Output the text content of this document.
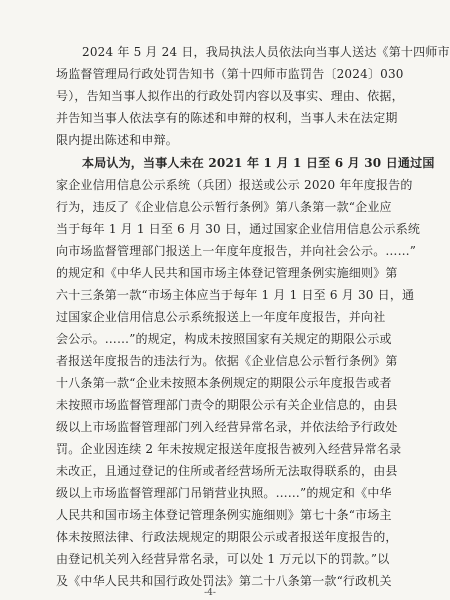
2024 年 5 月 24 日，我局执法人员依法向当事人送达《第十四师市
场监督管理局行政处罚告知书（第十四师市监罚告〔2024〕030
号），告知当事人拟作出的行政处罚内容以及事实、理由、依据，
并告知当事人依法享有的陈述和申辩的权利，当事人未在法定期
限内提出陈述和申辩。
本局认为，当事人未在 2021 年 1 月 1 日至 6 月 30 日通过国
家企业信用信息公示系统（兵团）报送或公示 2020 年年度报告的
行为，违反了《企业信息公示暂行条例》第八条第一款“企业应
当于每年 1 月 1 日至 6 月 30 日，通过国家企业信用信息公示系统
向市场监督管理部门报送上一年度年度报告，并向社会公示。……”
的规定和《中华人民共和国市场主体登记管理条例实施细则》第
六十三条第一款“市场主体应当于每年 1 月 1 日至 6 月 30 日，通
过国家企业信用信息公示系统报送上一年度年度报告，并向社
会公示。……”的规定，构成未按照国家有关规定的期限公示或
者报送年度报告的违法行为。依据《企业信息公示暂行条例》第
十八条第一款“企业未按照本条例规定的期限公示年度报告或者
未按照市场监督管理部门责令的期限公示有关企业信息的，由县
级以上市场监督管理部门列入经营异常名录，并依法给予行政处
罚。企业因连续 2 年未按规定报送年度报告被列入经营异常名录
未改正，且通过登记的住所或者经营场所无法取得联系的，由县
级以上市场监督管理部门吊销营业执照。……”的规定和《中华
人民共和国市场主体登记管理条例实施细则》第七十条“市场主
体未按照法律、行政法规规定的期限公示或者报送年度报告的，
由登记机关列入经营异常名录，可以处 1 万元以下的罚款。”以
及《中华人民共和国行政处罚法》第二十八条第一款“行政机关
-4-
